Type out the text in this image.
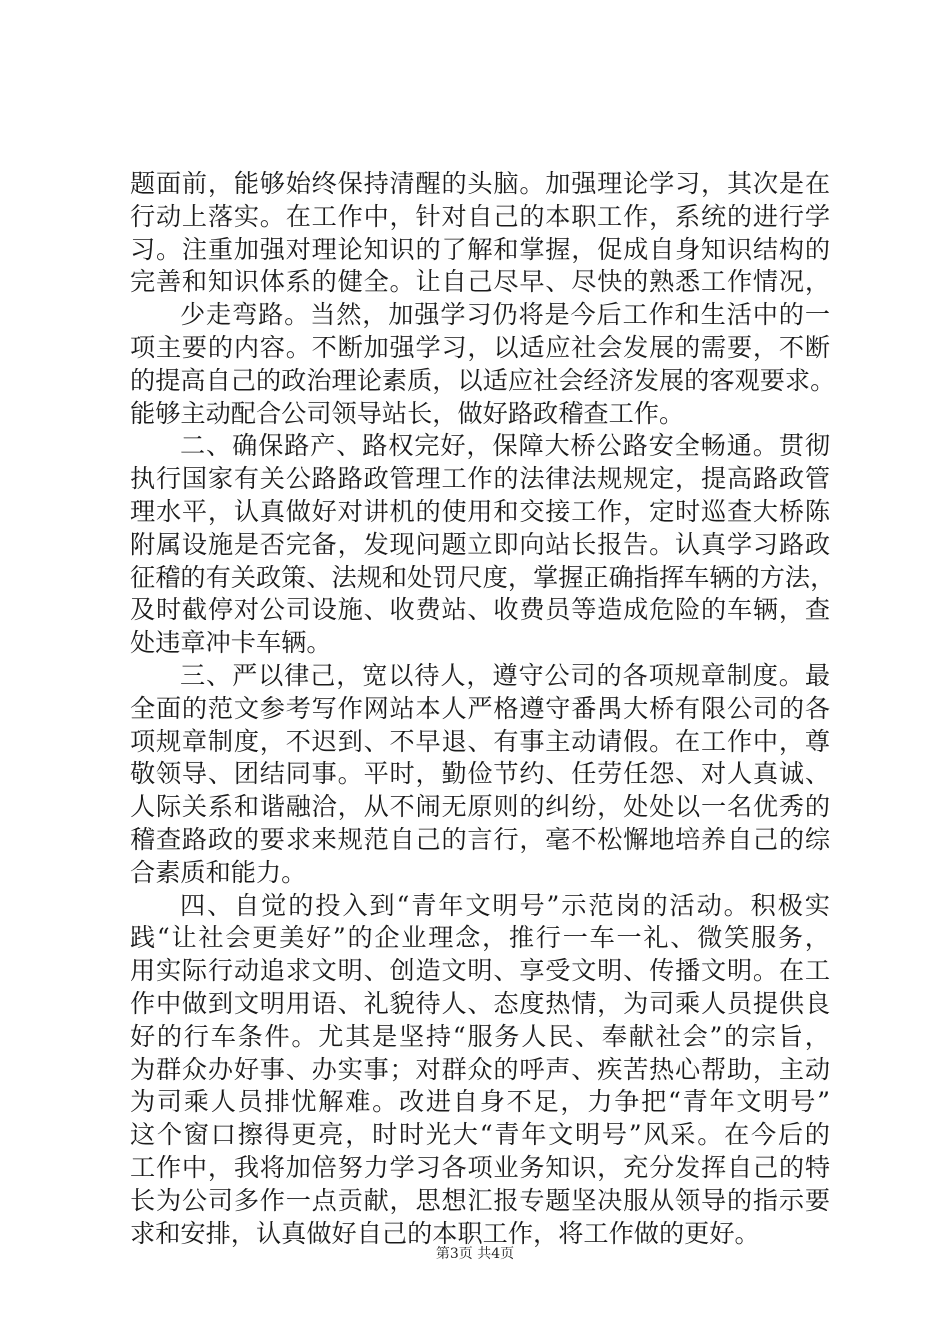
题面前，能够始终保持清醒的头脑。加强理论学习，其次是在
行动上落实。在工作中，针对自己的本职工作，系统的进行学
习。注重加强对理论知识的了解和掌握，促成自身知识结构的
完善和知识体系的健全。让自己尽早、尽快的熟悉工作情况，
少走弯路。当然，加强学习仍将是今后工作和生活中的一
项主要的内容。不断加强学习，以适应社会发展的需要，不断
的提高自己的政治理论素质，以适应社会经济发展的客观要求。
能够主动配合公司领导站长，做好路政稽查工作。
二、确保路产、路权完好，保障大桥公路安全畅通。贯彻
执行国家有关公路路政管理工作的法律法规规定，提高路政管
理水平，认真做好对讲机的使用和交接工作，定时巡查大桥陈
附属设施是否完备，发现问题立即向站长报告。认真学习路政
征稽的有关政策、法规和处罚尺度，掌握正确指挥车辆的方法，
及时截停对公司设施、收费站、收费员等造成危险的车辆，查
处违章冲卡车辆。
三、严以律己，宽以待人，遵守公司的各项规章制度。最
全面的范文参考写作网站本人严格遵守番禺大桥有限公司的各
项规章制度，不迟到、不早退、有事主动请假。在工作中，尊
敬领导、团结同事。平时，勤俭节约、任劳任怨、对人真诚、
人际关系和谐融洽，从不闹无原则的纠纷，处处以一名优秀的
稽查路政的要求来规范自己的言行，毫不松懈地培养自己的综
合素质和能力。
四、自觉的投入到“青年文明号”示范岗的活动。积极实
践“让社会更美好”的企业理念，推行一车一礼、微笑服务，
用实际行动追求文明、创造文明、享受文明、传播文明。在工
作中做到文明用语、礼貌待人、态度热情，为司乘人员提供良
好的行车条件。尤其是坚持“服务人民、奉献社会”的宗旨，
为群众办好事、办实事；对群众的呼声、疾苦热心帮助，主动
为司乘人员排忧解难。改进自身不足，力争把“青年文明号”
这个窗口擦得更亮，时时光大“青年文明号”风采。在今后的
工作中，我将加倍努力学习各项业务知识，充分发挥自己的特
长为公司多作一点贡献，思想汇报专题坚决服从领导的指示要
求和安排，认真做好自己的本职工作，将工作做的更好。
第3页 共4页
